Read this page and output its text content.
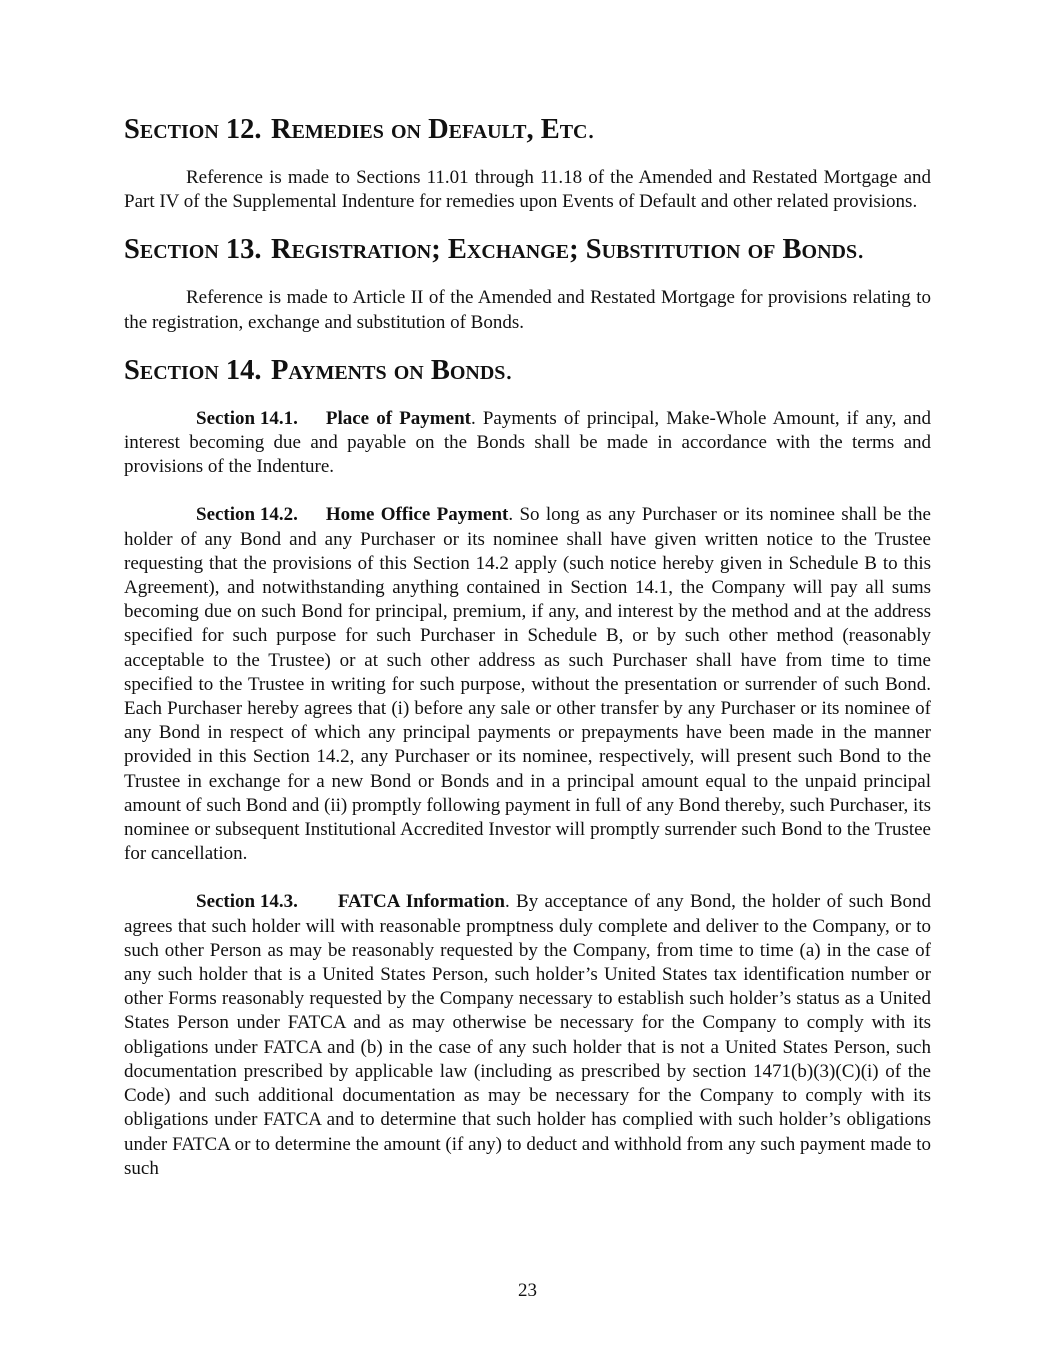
Section 12. Remedies on Default, Etc .

Reference is made to Sections 11.01 through 11.18 of the Amended and Restated Mortgage and Part IV of the Supplemental Indenture for remedies upon Events of Default and other related provisions.

Section 13. Registration; Exchange; Substitution of Bonds .

Reference is made to Article II of the Amended and Restated Mortgage for provisions relating to the registration, exchange and substitution of Bonds.

Section 14. Payments on Bonds .

Section 14.1. Place of Payment. Payments of principal, Make-Whole Amount, if any, and interest becoming due and payable on the Bonds shall be made in accordance with the terms and provisions of the Indenture.

Section 14.2. Home Office Payment. So long as any Purchaser or its nominee shall be the holder of any Bond and any Purchaser or its nominee shall have given written notice to the Trustee requesting that the provisions of this Section 14.2 apply (such notice hereby given in Schedule B to this Agreement), and notwithstanding anything contained in Section 14.1, the Company will pay all sums becoming due on such Bond for principal, premium, if any, and interest by the method and at the address specified for such purpose for such Purchaser in Schedule B, or by such other method (reasonably acceptable to the Trustee) or at such other address as such Purchaser shall have from time to time specified to the Trustee in writing for such purpose, without the presentation or surrender of such Bond. Each Purchaser hereby agrees that (i) before any sale or other transfer by any Purchaser or its nominee of any Bond in respect of which any principal payments or prepayments have been made in the manner provided in this Section 14.2, any Purchaser or its nominee, respectively, will present such Bond to the Trustee in exchange for a new Bond or Bonds and in a principal amount equal to the unpaid principal amount of such Bond and (ii) promptly following payment in full of any Bond thereby, such Purchaser, its nominee or subsequent Institutional Accredited Investor will promptly surrender such Bond to the Trustee for cancellation.

Section 14.3. FATCA Information. By acceptance of any Bond, the holder of such Bond agrees that such holder will with reasonable promptness duly complete and deliver to the Company, or to such other Person as may be reasonably requested by the Company, from time to time (a) in the case of any such holder that is a United States Person, such holder’s United States tax identification number or other Forms reasonably requested by the Company necessary to establish such holder’s status as a United States Person under FATCA and as may otherwise be necessary for the Company to comply with its obligations under FATCA and (b) in the case of any such holder that is not a United States Person, such documentation prescribed by applicable law (including as prescribed by section 1471(b)(3)(C)(i) of the Code) and such additional documentation as may be necessary for the Company to comply with its obligations under FATCA and to determine that such holder has complied with such holder’s obligations under FATCA or to determine the amount (if any) to deduct and withhold from any such payment made to such

23
